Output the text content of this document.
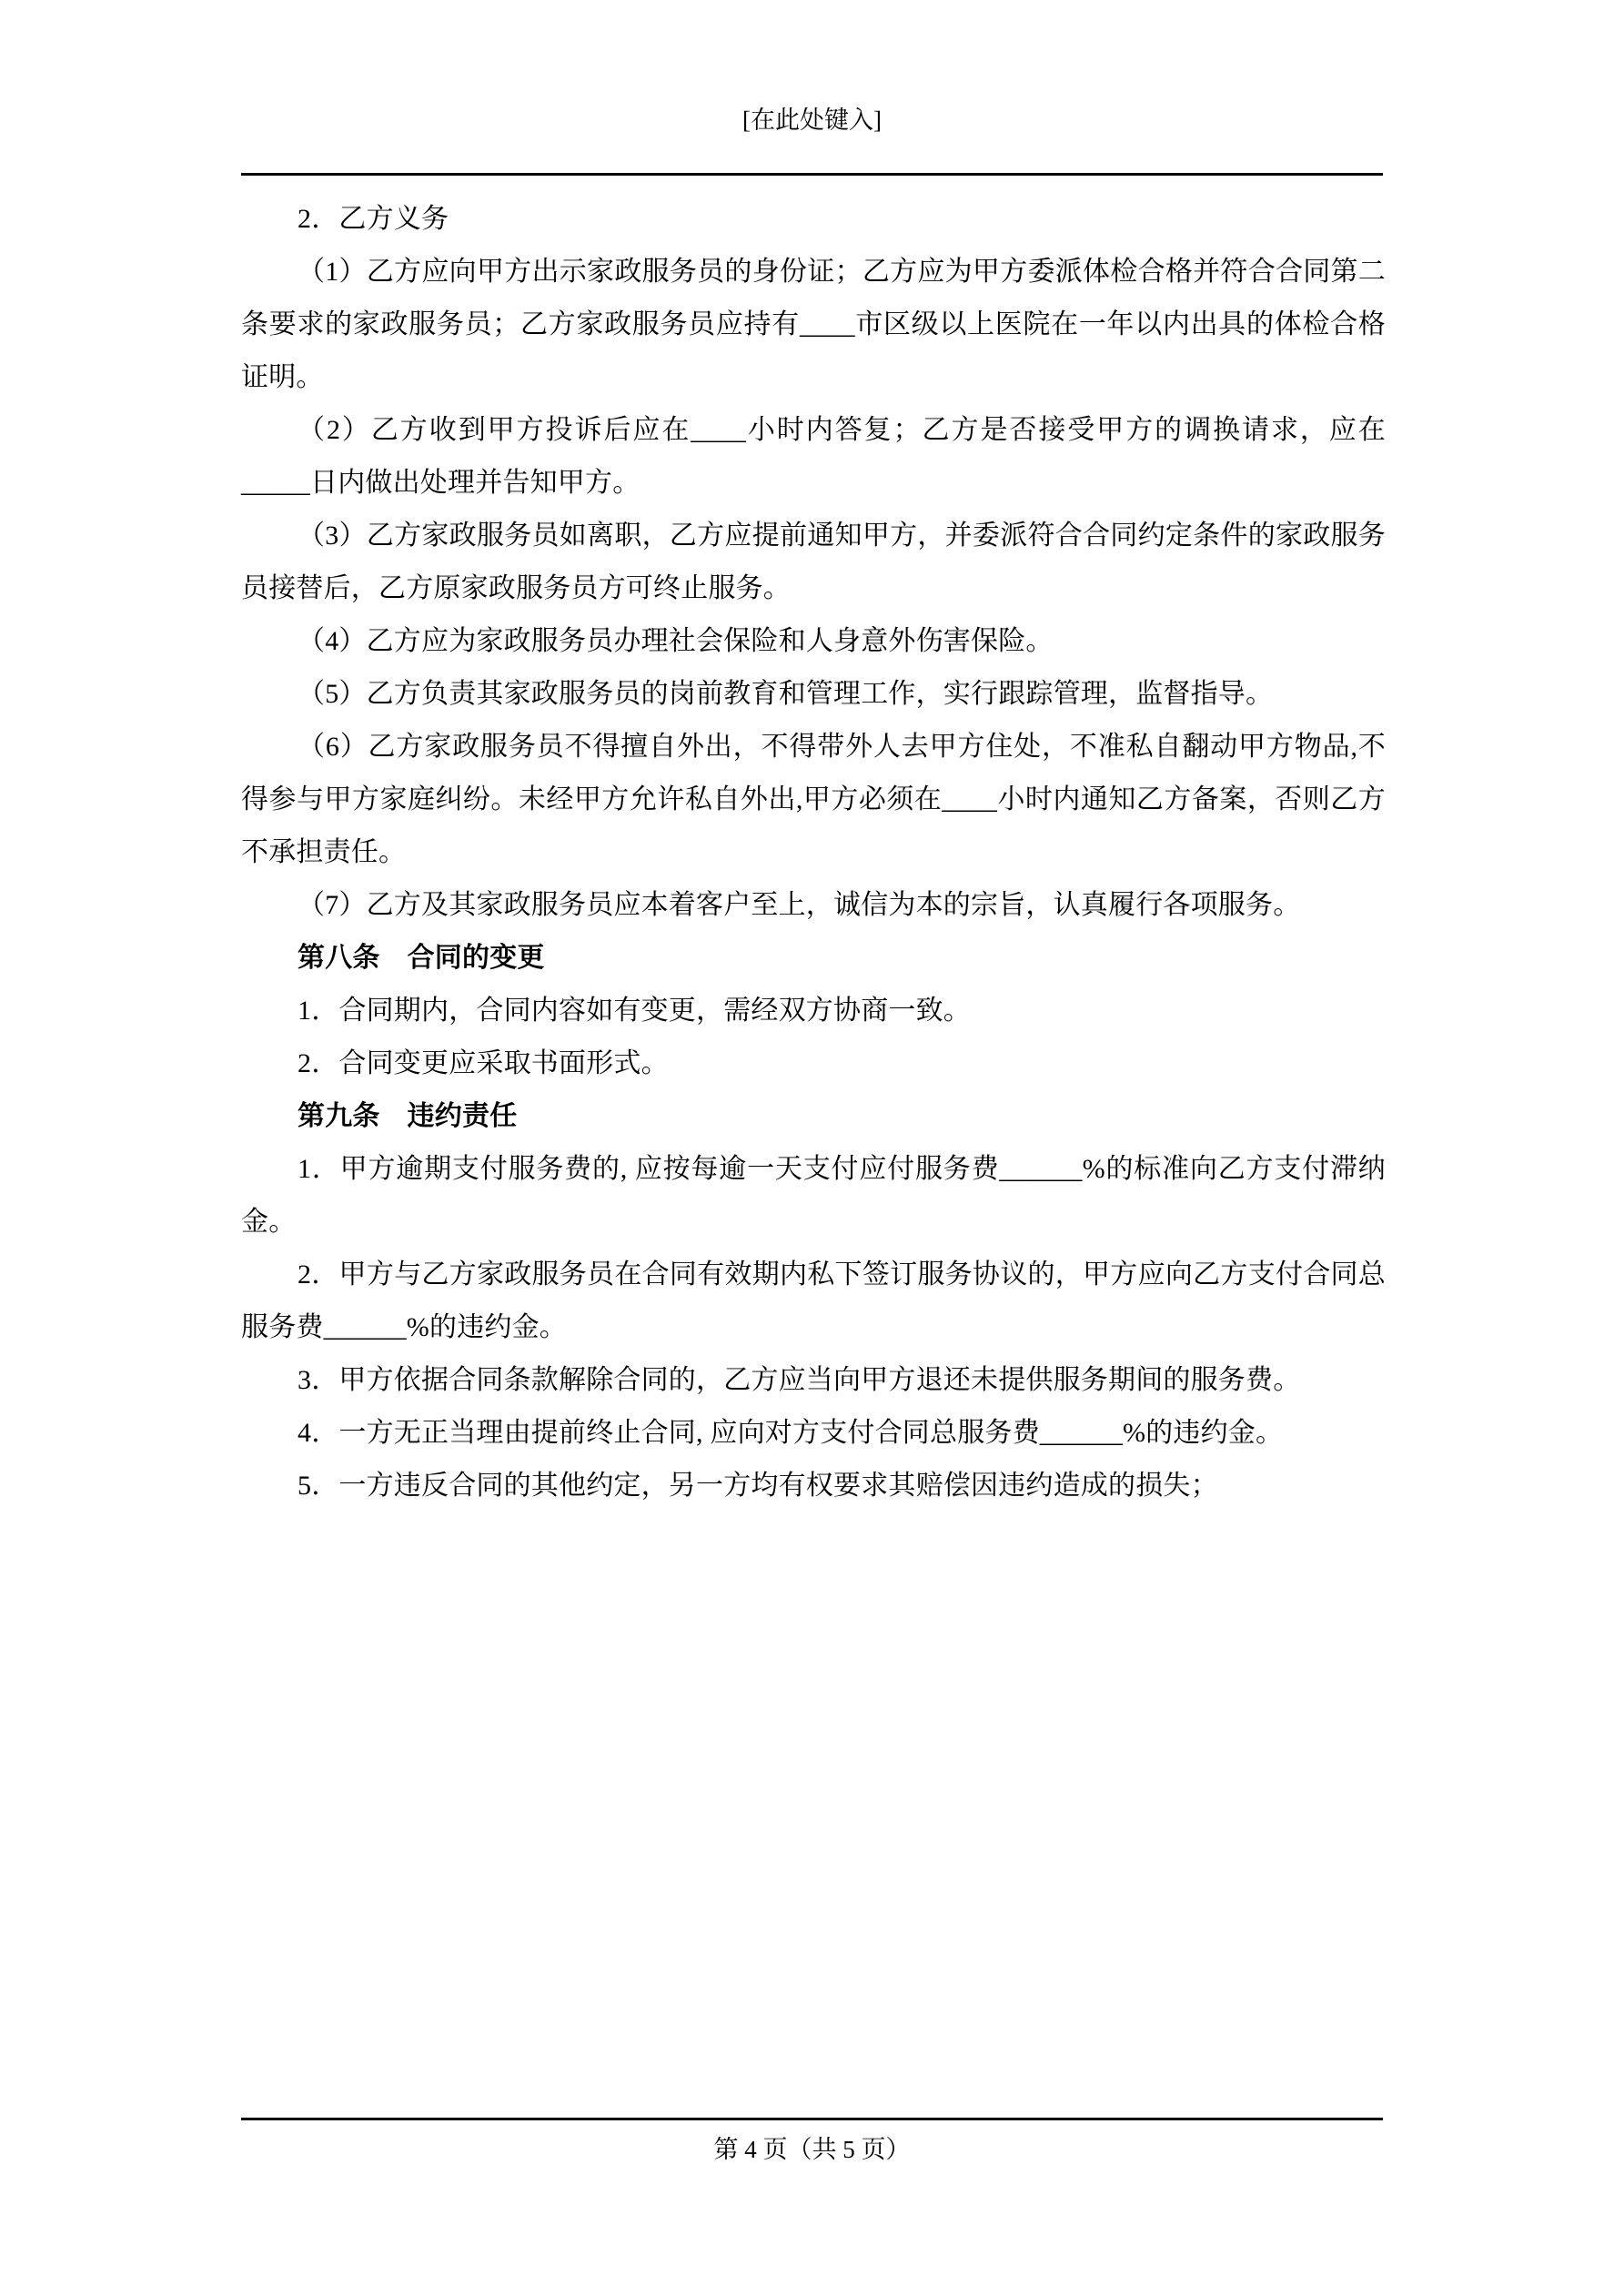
[在此处键入]

2．乙方义务

（1）乙方应向甲方出示家政服务员的身份证；乙方应为甲方委派体检合格并符合合同第二条要求的家政服务员；乙方家政服务员应持有____市区级以上医院在一年以内出具的体检合格证明。

（2）乙方收到甲方投诉后应在____小时内答复；乙方是否接受甲方的调换请求，应在_____日内做出处理并告知甲方。

（3）乙方家政服务员如离职，乙方应提前通知甲方，并委派符合合同约定条件的家政服务员接替后，乙方原家政服务员方可终止服务。

（4）乙方应为家政服务员办理社会保险和人身意外伤害保险。

（5）乙方负责其家政服务员的岗前教育和管理工作，实行跟踪管理，监督指导。

（6）乙方家政服务员不得擅自外出，不得带外人去甲方住处，不准私自翻动甲方物品,不得参与甲方家庭纠纷。未经甲方允许私自外出,甲方必须在____小时内通知乙方备案，否则乙方不承担责任。

（7）乙方及其家政服务员应本着客户至上，诚信为本的宗旨，认真履行各项服务。

第八条 合同的变更

1．合同期内，合同内容如有变更，需经双方协商一致。

2．合同变更应采取书面形式。

第九条 违约责任

1．甲方逾期支付服务费的, 应按每逾一天支付应付服务费______%的标准向乙方支付滞纳金。

2．甲方与乙方家政服务员在合同有效期内私下签订服务协议的，甲方应向乙方支付合同总服务费______%的违约金。

3．甲方依据合同条款解除合同的，乙方应当向甲方退还未提供服务期间的服务费。

4．一方无正当理由提前终止合同, 应向对方支付合同总服务费______%的违约金。

5．一方违反合同的其他约定，另一方均有权要求其赔偿因违约造成的损失；

第 4 页（共 5 页）
